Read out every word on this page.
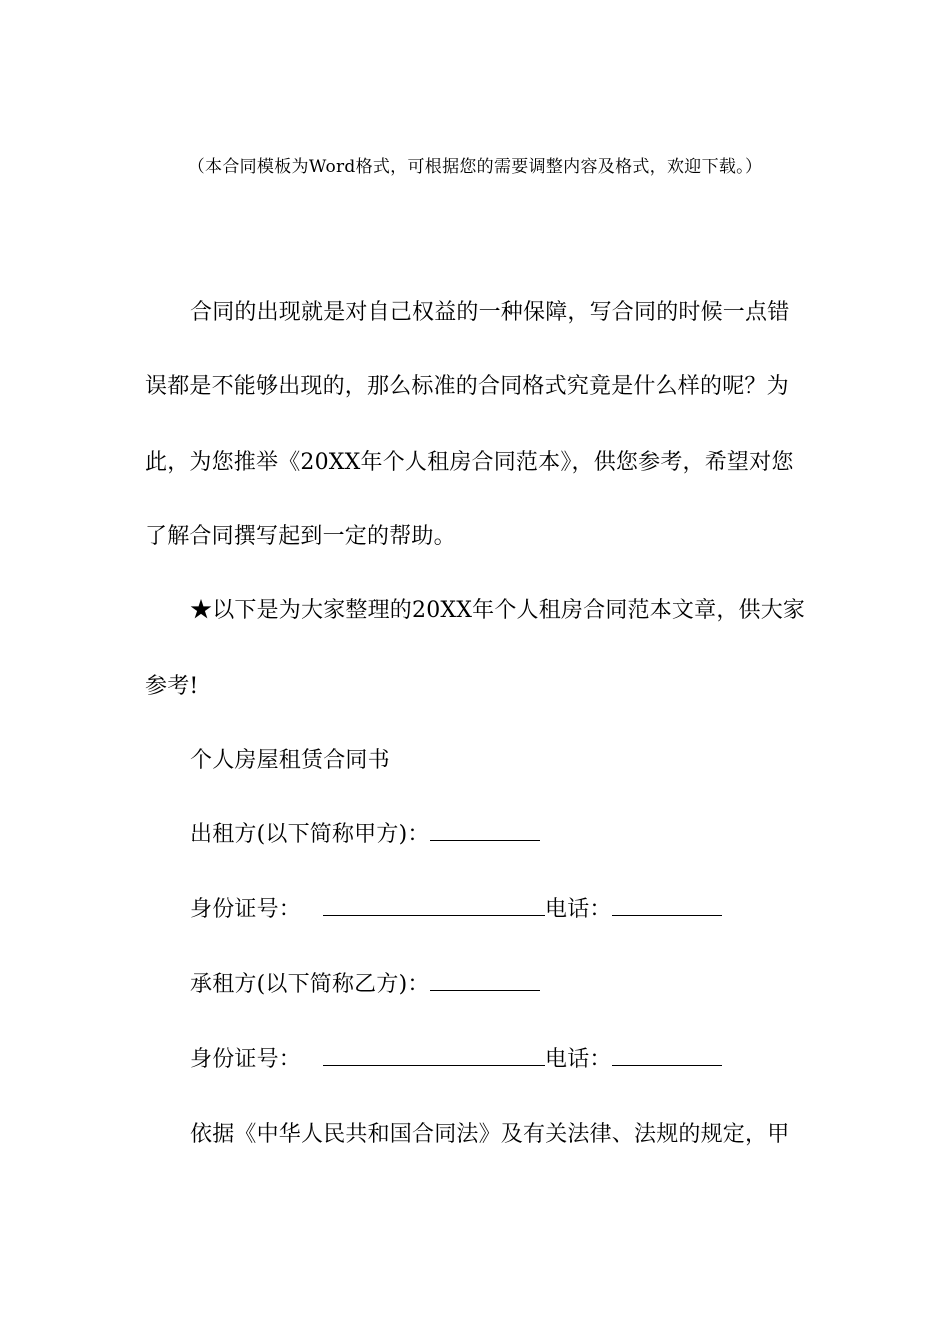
（本合同模板为Word格式，可根据您的需要调整内容及格式，欢迎下载。）
合同的出现就是对自己权益的一种保障，写合同的时候一点错
误都是不能够出现的，那么标准的合同格式究竟是什么样的呢？为
此，为您推举《20XX年个人租房合同范本》，供您参考，希望对您
了解合同撰写起到一定的帮助。
★以下是为大家整理的20XX年个人租房合同范本文章，供大家
参考!
个人房屋租赁合同书
出租方(以下简称甲方)：
身份证号：	电话：
承租方(以下简称乙方)：
身份证号：	电话：
依据《中华人民共和国合同法》及有关法律、法规的规定，甲
